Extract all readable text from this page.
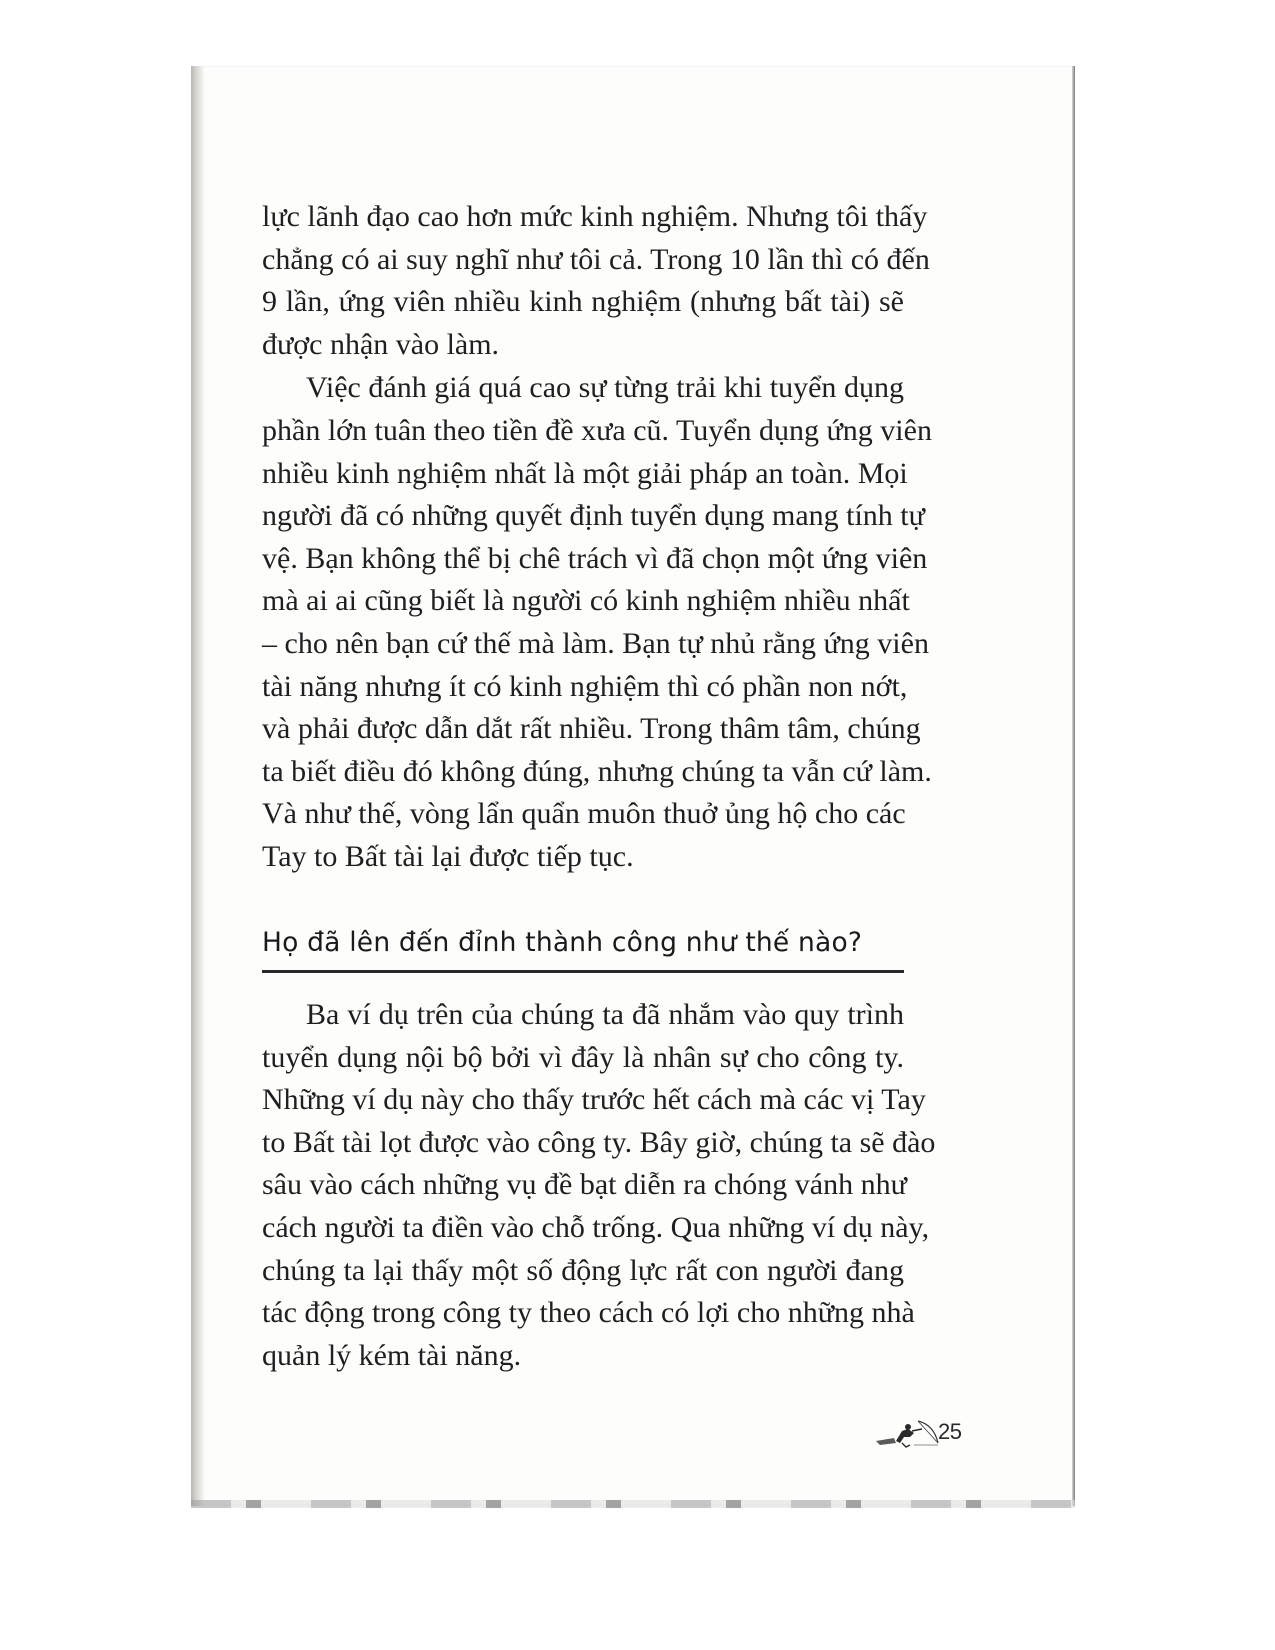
lực lãnh đạo cao hơn mức kinh nghiệm. Nhưng tôi thấy
chẳng có ai suy nghĩ như tôi cả. Trong 10 lần thì có đến
9 lần, ứng viên nhiều kinh nghiệm (nhưng bất tài) sẽ
được nhận vào làm.

Việc đánh giá quá cao sự từng trải khi tuyển dụng
phần lớn tuân theo tiền đề xưa cũ. Tuyển dụng ứng viên
nhiều kinh nghiệm nhất là một giải pháp an toàn. Mọi
người đã có những quyết định tuyển dụng mang tính tự
vệ. Bạn không thể bị chê trách vì đã chọn một ứng viên
mà ai ai cũng biết là người có kinh nghiệm nhiều nhất
– cho nên bạn cứ thế mà làm. Bạn tự nhủ rằng ứng viên
tài năng nhưng ít có kinh nghiệm thì có phần non nớt,
và phải được dẫn dắt rất nhiều. Trong thâm tâm, chúng
ta biết điều đó không đúng, nhưng chúng ta vẫn cứ làm.
Và như thế, vòng lẩn quẩn muôn thuở ủng hộ cho các
Tay to Bất tài lại được tiếp tục.

Họ đã lên đến đỉnh thành công như thế nào?

Ba ví dụ trên của chúng ta đã nhắm vào quy trình
tuyển dụng nội bộ bởi vì đây là nhân sự cho công ty.
Những ví dụ này cho thấy trước hết cách mà các vị Tay
to Bất tài lọt được vào công ty. Bây giờ, chúng ta sẽ đào
sâu vào cách những vụ đề bạt diễn ra chóng vánh như
cách người ta điền vào chỗ trống. Qua những ví dụ này,
chúng ta lại thấy một số động lực rất con người đang
tác động trong công ty theo cách có lợi cho những nhà
quản lý kém tài năng.

25
